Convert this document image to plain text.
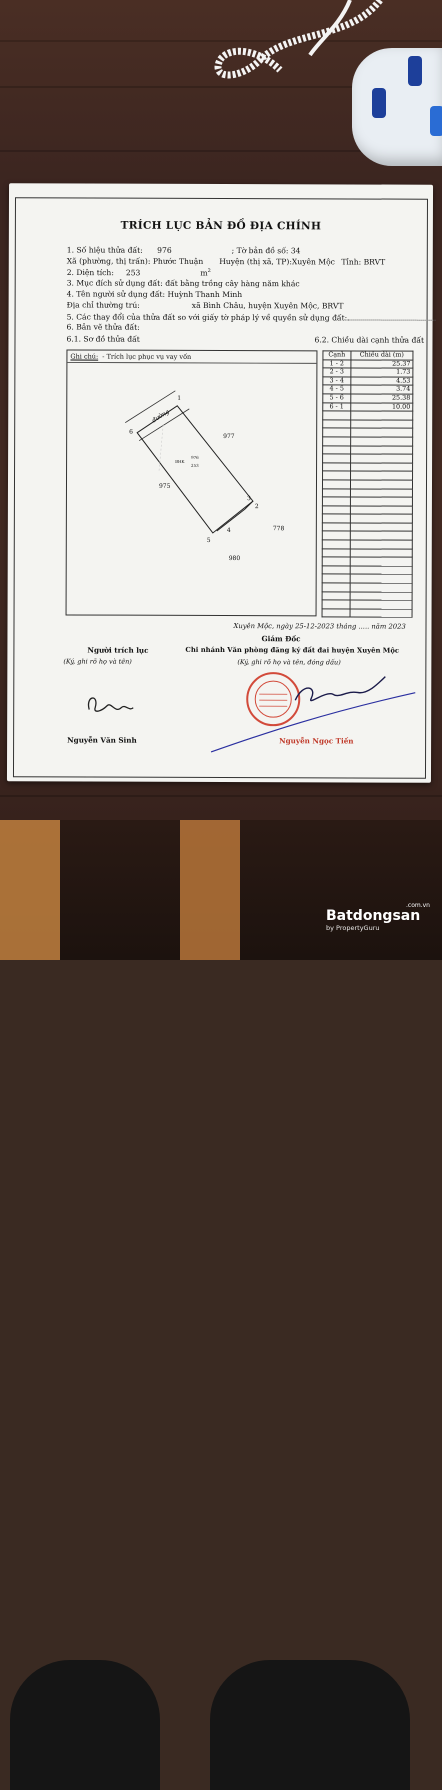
TRÍCH LỤC BẢN ĐỒ ĐỊA CHÍNH
1. Số hiệu thửa đất: 976	; Tờ bản đồ số: 34
Xã (phường, thị trấn): Phước Thuận Huyện (thị xã, TP):Xuyên Mộc Tỉnh: BRVT
2. Diện tích: 253	$m^2$
3. Mục đích sử dụng đất: đất bằng trồng cây hàng năm khác
4. Tên người sử dụng đất: Huỳnh Thanh Minh
Địa chỉ thường trú:	xã Bình Châu, huyện Xuyên Mộc, BRVT
5. Các thay đổi của thửa đất so với giấy tờ pháp lý về quyền sử dụng đất:
6. Bản vẽ thửa đất:
6.1. Sơ đồ thửa đất	6.2. Chiều dài cạnh thửa đất
Ghi chú: - Trích lục phục vụ vay vốn
đường
1
2
3
4
5
6
977
975
778
980
BHK
976
253
Cạnh	Chiều dài (m)
1 - 2	25.37
2 - 3	1.73
3 - 4	4.53
4 - 5	3.74
5 - 6	25.38
6 - 1	10.00

Xuyên Mộc, ngày 25-12-2023 tháng ..... năm 2023
Giám Đốc
Chi nhánh Văn phòng đăng ký đất đai huyện Xuyên Mộc
(Ký, ghi rõ họ và tên, đóng dấu)
Người trích lục
(Ký, ghi rõ họ và tên)
Nguyễn Văn Sinh	Nguyễn Ngọc Tiến
.com.vn
Batdongsan
by PropertyGuru
